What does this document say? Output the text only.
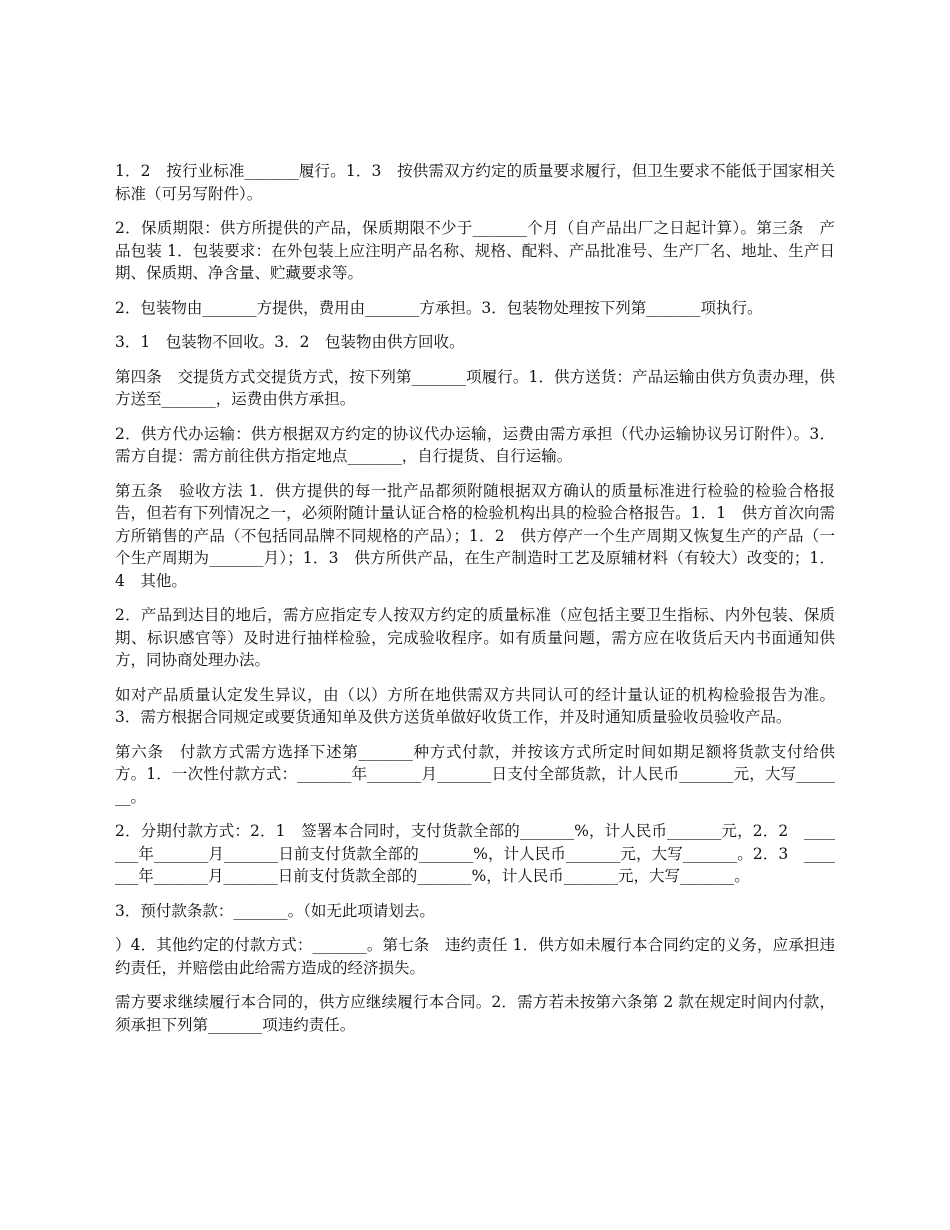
1．2　按行业标准_______履行。1．3　按供需双方约定的质量要求履行，但卫生要求不能低于国家相关标准（可另写附件）。

2．保质期限：供方所提供的产品，保质期限不少于_______个月（自产品出厂之日起计算）。第三条　产品包装 1．包装要求：在外包装上应注明产品名称、规格、配料、产品批准号、生产厂名、地址、生产日期、保质期、净含量、贮藏要求等。

2．包装物由_______方提供，费用由_______方承担。3．包装物处理按下列第_______项执行。

3．1　包装物不回收。3．2　包装物由供方回收。

第四条　交提货方式交提货方式，按下列第_______项履行。1．供方送货：产品运输由供方负责办理，供方送至_______，运费由供方承担。

2．供方代办运输：供方根据双方约定的协议代办运输，运费由需方承担（代办运输协议另订附件）。3．需方自提：需方前往供方指定地点_______，自行提货、自行运输。

第五条　验收方法 1．供方提供的每一批产品都须附随根据双方确认的质量标准进行检验的检验合格报告，但若有下列情况之一，必须附随计量认证合格的检验机构出具的检验合格报告。1．1　供方首次向需方所销售的产品（不包括同品牌不同规格的产品）；1．2　供方停产一个生产周期又恢复生产的产品（一个生产周期为_______月）；1．3　供方所供产品，在生产制造时工艺及原辅材料（有较大）改变的；1．4　其他。

2．产品到达目的地后，需方应指定专人按双方约定的质量标准（应包括主要卫生指标、内外包装、保质期、标识感官等）及时进行抽样检验，完成验收程序。如有质量问题，需方应在收货后天内书面通知供方，同协商处理办法。

如对产品质量认定发生异议，由（以）方所在地供需双方共同认可的经计量认证的机构检验报告为准。3．需方根据合同规定或要货通知单及供方送货单做好收货工作，并及时通知质量验收员验收产品。

第六条　付款方式需方选择下述第_______种方式付款，并按该方式所定时间如期足额将货款支付给供方。1．一次性付款方式：_______年_______月_______日支付全部货款，计人民币_______元，大写_______。

2．分期付款方式：2．1　签署本合同时，支付货款全部的_______%，计人民币_______元，2．2　_______年_______月_______日前支付货款全部的_______%，计人民币_______元，大写_______。2．3　_______年_______月_______日前支付货款全部的_______%，计人民币_______元，大写_______。

3．预付款条款：_______。（如无此项请划去。

）4．其他约定的付款方式：_______。第七条　违约责任 1．供方如未履行本合同约定的义务，应承担违约责任，并赔偿由此给需方造成的经济损失。

需方要求继续履行本合同的，供方应继续履行本合同。2．需方若未按第六条第 2 款在规定时间内付款，须承担下列第_______项违约责任。
